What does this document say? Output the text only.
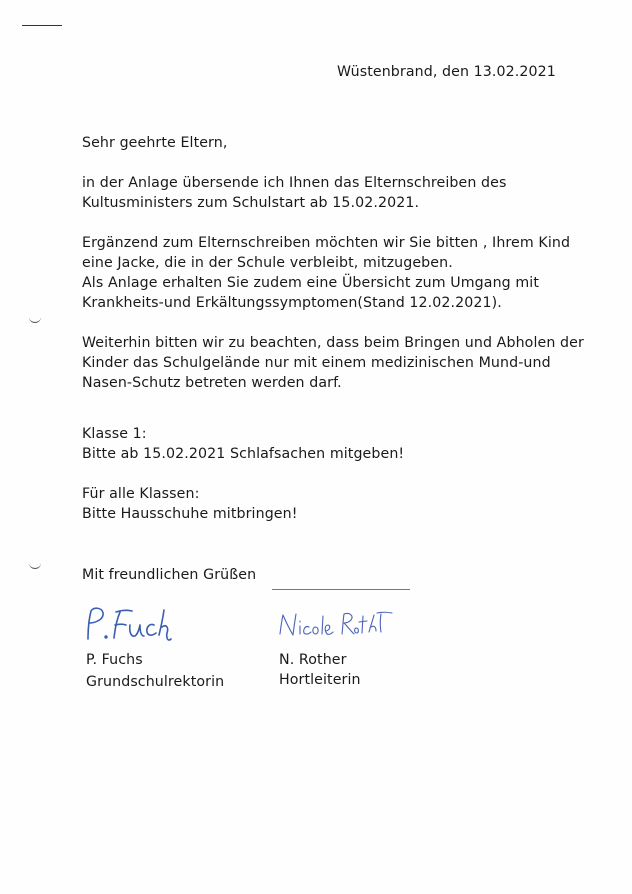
Wüstenbrand, den 13.02.2021
Sehr geehrte Eltern,
in der Anlage übersende ich Ihnen das Elternschreiben des
Kultusministers zum Schulstart ab 15.02.2021.
Ergänzend zum Elternschreiben möchten wir Sie bitten , Ihrem Kind
eine Jacke, die in der Schule verbleibt, mitzugeben.
Als Anlage erhalten Sie zudem eine Übersicht zum Umgang mit
Krankheits-und Erkältungssymptomen(Stand 12.02.2021).
Weiterhin bitten wir zu beachten, dass beim Bringen und Abholen der
Kinder das Schulgelände nur mit einem medizinischen Mund-und
Nasen-Schutz betreten werden darf.
Klasse 1:
Bitte ab 15.02.2021 Schlafsachen mitgeben!
Für alle Klassen:
Bitte Hausschuhe mitbringen!
Mit freundlichen Grüßen
P. Fuchs
Grundschulrektorin
N. Rother
Hortleiterin
